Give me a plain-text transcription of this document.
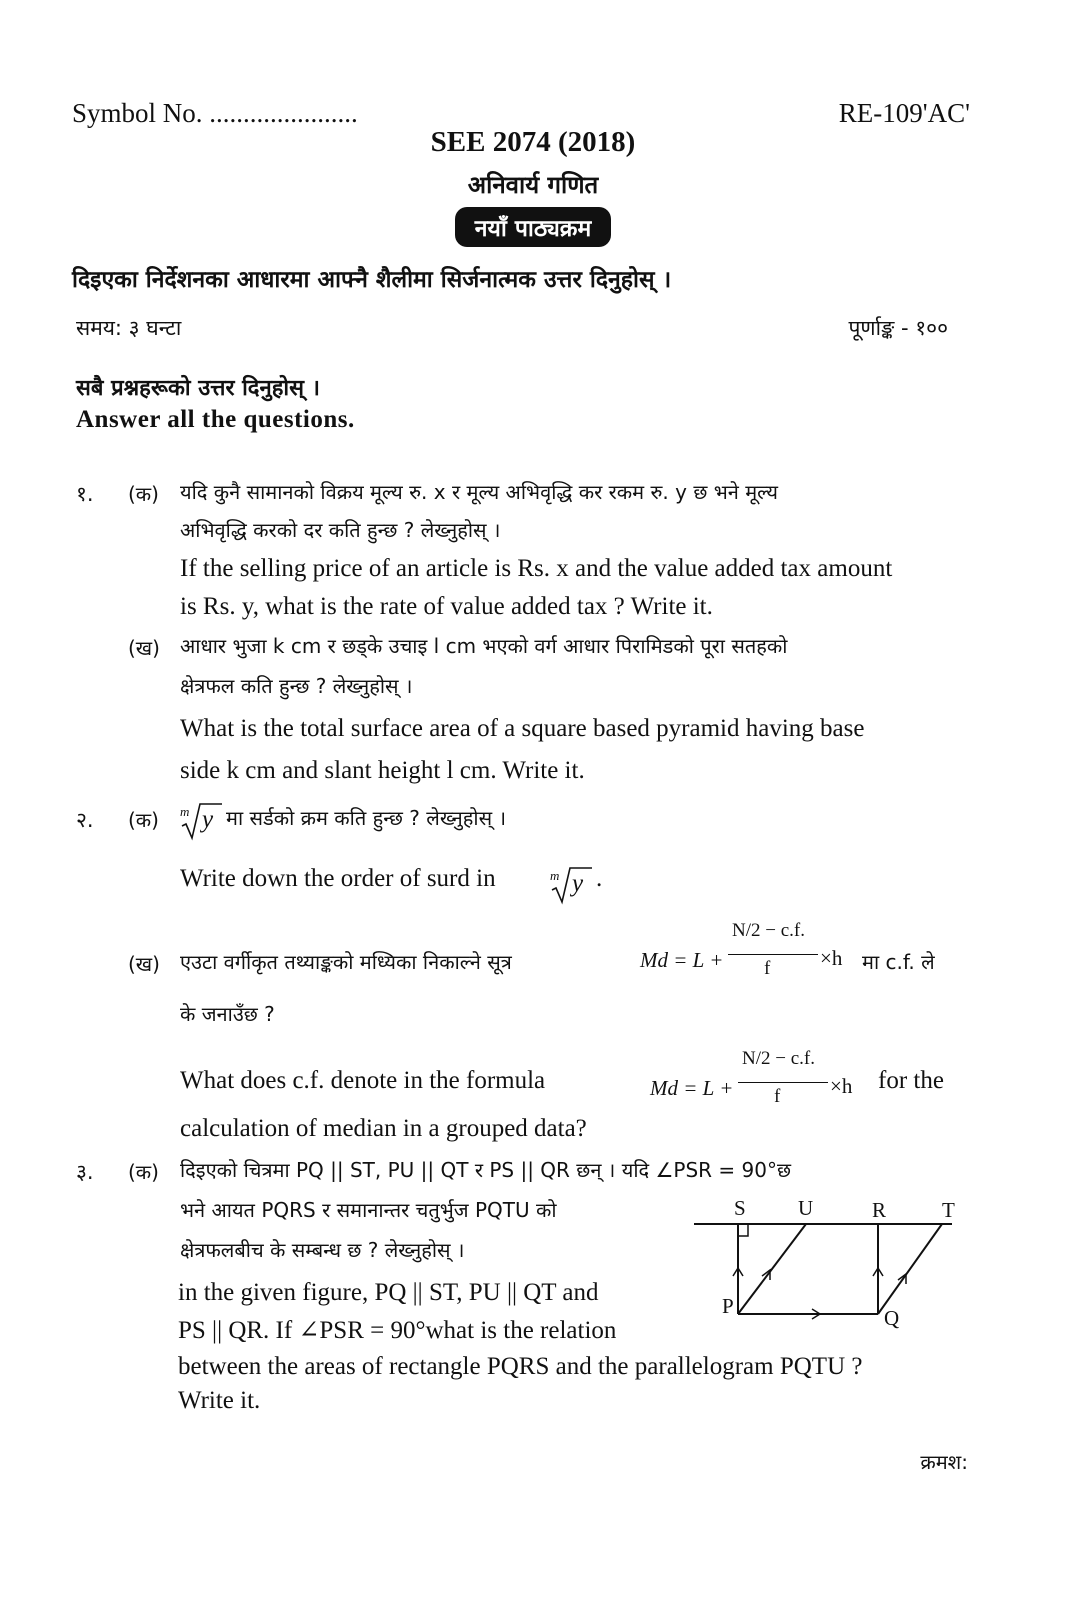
Symbol No. ......................	RE-109'AC'
SEE 2074 (2018)
अनिवार्य गणित
नयाँ पाठ्यक्रम
दिइएका निर्देशनका आधारमा आफ्नै शैलीमा सिर्जनात्मक उत्तर दिनुहोस् ।
समय: ३ घन्टा	पूर्णाङ्क - १००
सबै प्रश्नहरूको उत्तर दिनुहोस् ।
Answer all the questions.
१. (क) यदि कुनै सामानको विक्रय मूल्य रु. x र मूल्य अभिवृद्धि कर रकम रु. y छ भने मूल्य
अभिवृद्धि करको दर कति हुन्छ ? लेख्नुहोस् ।
If the selling price of an article is Rs. x and the value added tax amount
is Rs. y, what is the rate of value added tax ? Write it.
(ख) आधार भुजा k cm र छड्के उचाइ l cm भएको वर्ग आधार पिरामिडको पूरा सतहको
क्षेत्रफल कति हुन्छ ? लेख्नुहोस् ।
What is the total surface area of a square based pyramid having base
side k cm and slant height l cm. Write it.
२. (क) m y मा सर्डको क्रम कति हुन्छ ? लेख्नुहोस् ।
Write down the order of surd in	m y .
(ख) एउटा वर्गीकृत तथ्याङ्कको मध्यिका निकाल्ने सूत्र	Md = L +
N/2 − c.f.
f ×h मा c.f. ले
के जनाउँछ ?
What does c.f. denote in the formula	Md = L +
N/2 − c.f.
f ×h for the
calculation of median in a grouped data?
३. (क) दिइएको चित्रमा PQ || ST, PU || QT र PS || QR छन् । यदि ∠PSR = 90°छ
भने आयत PQRS र समानान्तर चतुर्भुज PQTU को
क्षेत्रफलबीच के सम्बन्ध छ ? लेख्नुहोस् ।
in the given figure, PQ || ST, PU || QT and
PS || QR. If ∠PSR = 90°what is the relation
between the areas of rectangle PQRS and the parallelogram PQTU ?
Write it.
S U	R	T
P	Q
क्रमश:
